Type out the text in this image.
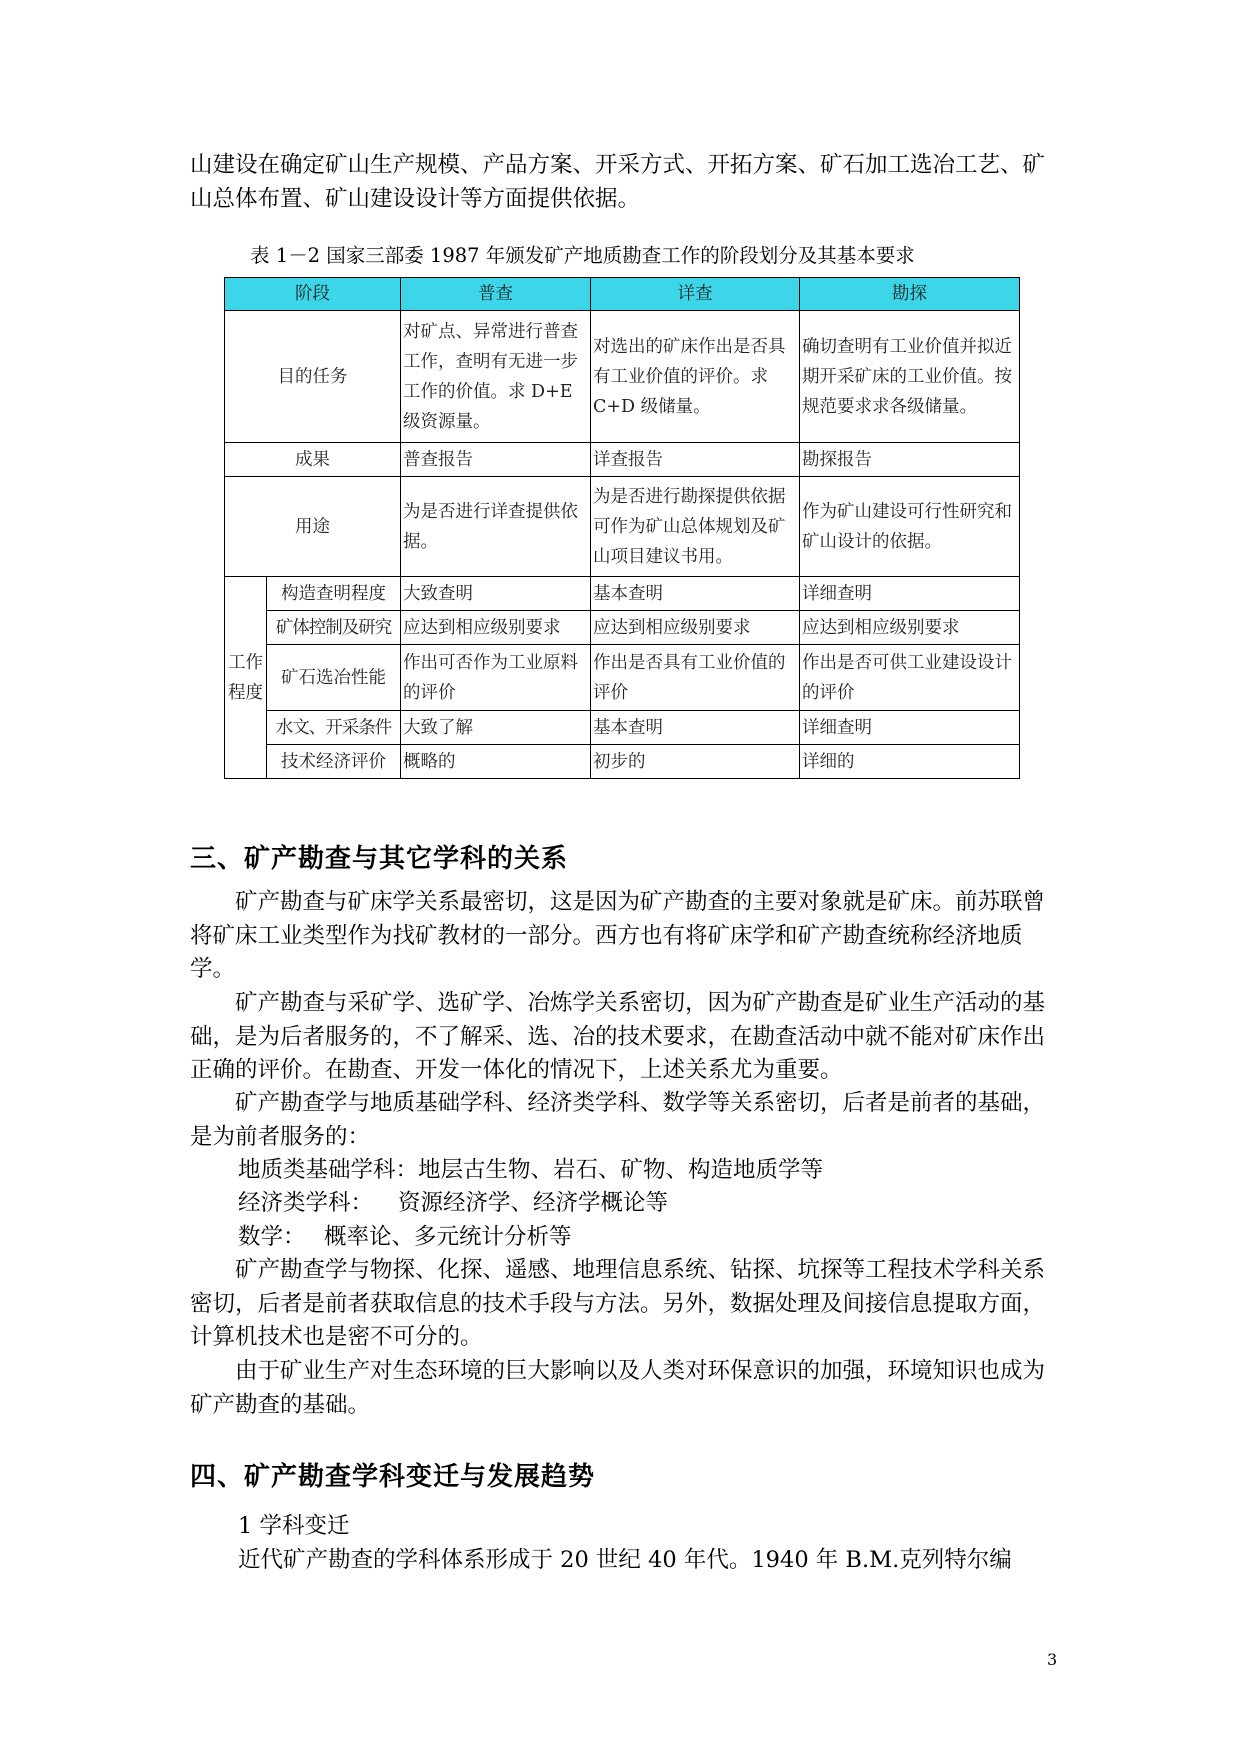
山建设在确定矿山生产规模、产品方案、开采方式、开拓方案、矿石加工选冶工艺、矿山总体布置、矿山建设设计等方面提供依据。

表 1－2 国家三部委 1987 年颁发矿产地质勘查工作的阶段划分及其基本要求
阶段		普查	详查	勘探
目的任务		对矿点、异常进行普查工作，查明有无进一步工作的价值。求 D+E 级资源量。	对选出的矿床作出是否具有工业价值的评价。求 C+D 级储量。	确切查明有工业价值并拟近期开采矿床的工业价值。按规范要求求各级储量。
成果		普查报告	详查报告	勘探报告
用途		为是否进行详查提供依据。	为是否进行勘探提供依据可作为矿山总体规划及矿山项目建议书用。	作为矿山建设可行性研究和矿山设计的依据。
工作程度	构造查明程度	大致查明	基本查明	详细查明
	矿体控制及研究	应达到相应级别要求	应达到相应级别要求	应达到相应级别要求
	矿石选冶性能	作出可否作为工业原料的评价	作出是否具有工业价值的评价	作出是否可供工业建设设计的评价
	水文、开采条件	大致了解	基本查明	详细查明
	技术经济评价	概略的	初步的	详细的
三、矿产勘查与其它学科的关系

矿产勘查与矿床学关系最密切，这是因为矿产勘查的主要对象就是矿床。前苏联曾将矿床工业类型作为找矿教材的一部分。西方也有将矿床学和矿产勘查统称经济地质学。

矿产勘查与采矿学、选矿学、冶炼学关系密切，因为矿产勘查是矿业生产活动的基础，是为后者服务的，不了解采、选、冶的技术要求，在勘查活动中就不能对矿床作出正确的评价。在勘查、开发一体化的情况下，上述关系尤为重要。

矿产勘查学与地质基础学科、经济类学科、数学等关系密切，后者是前者的基础，是为前者服务的：

地质类基础学科：地层古生物、岩石、矿物、构造地质学等

经济类学科： 资源经济学、经济学概论等

数学： 概率论、多元统计分析等

矿产勘查学与物探、化探、遥感、地理信息系统、钻探、坑探等工程技术学科关系密切，后者是前者获取信息的技术手段与方法。另外，数据处理及间接信息提取方面，计算机技术也是密不可分的。

由于矿业生产对生态环境的巨大影响以及人类对环保意识的加强，环境知识也成为矿产勘查的基础。

四、矿产勘查学科变迁与发展趋势

1 学科变迁

近代矿产勘查的学科体系形成于 20 世纪 40 年代。1940 年 B.M.克列特尔编

3
